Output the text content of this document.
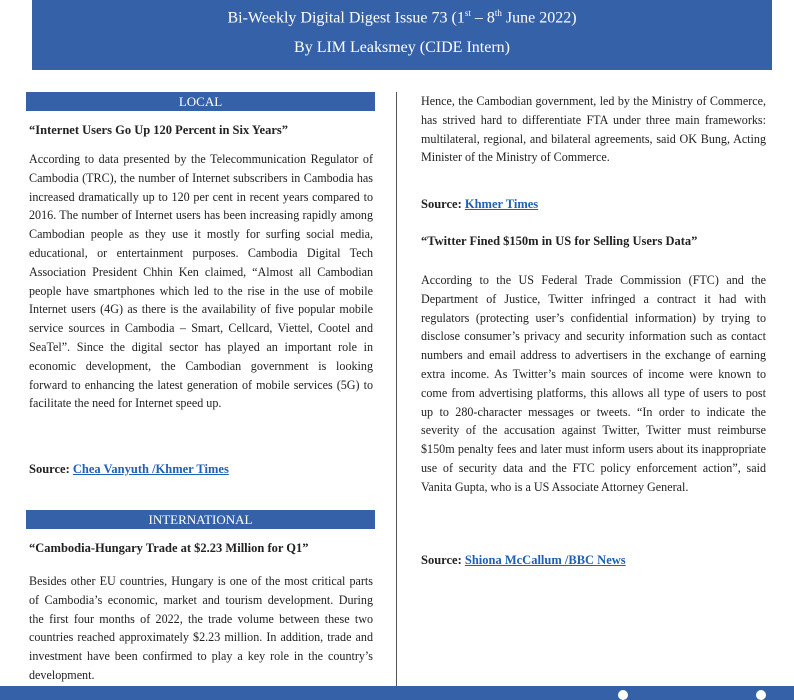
Bi-Weekly Digital Digest Issue 73 (1st – 8th June 2022)
By LIM Leaksmey (CIDE Intern)
LOCAL
“Internet Users Go Up 120 Percent in Six Years”
According to data presented by the Telecommunication Regulator of Cambodia (TRC), the number of Internet subscribers in Cambodia has increased dramatically up to 120 per cent in recent years compared to 2016. The number of Internet users has been increasing rapidly among Cambodian people as they use it mostly for surfing social media, educational, or entertainment purposes. Cambodia Digital Tech Association President Chhin Ken claimed, “Almost all Cambodian people have smartphones which led to the rise in the use of mobile Internet users (4G) as there is the availability of five popular mobile service sources in Cambodia – Smart, Cellcard, Viettel, Cootel and SeaTel”. Since the digital sector has played an important role in economic development, the Cambodian government is looking forward to enhancing the latest generation of mobile services (5G) to facilitate the need for Internet speed up.
Source: Chea Vanyuth /Khmer Times
INTERNATIONAL
“Cambodia-Hungary Trade at $2.23 Million for Q1”
Besides other EU countries, Hungary is one of the most critical parts of Cambodia’s economic, market and tourism development. During the first four months of 2022, the trade volume between these two countries reached approximately $2.23 million. In addition, trade and investment have been confirmed to play a key role in the country’s development.
Hence, the Cambodian government, led by the Ministry of Commerce, has strived hard to differentiate FTA under three main frameworks: multilateral, regional, and bilateral agreements, said OK Bung, Acting Minister of the Ministry of Commerce.
Source: Khmer Times
“Twitter Fined $150m in US for Selling Users Data”
According to the US Federal Trade Commission (FTC) and the Department of Justice, Twitter infringed a contract it had with regulators (protecting user’s confidential information) by trying to disclose consumer’s privacy and security information such as contact numbers and email address to advertisers in the exchange of earning extra income. As Twitter’s main sources of income were known to come from advertising platforms, this allows all type of users to post up to 280-character messages or tweets. “In order to indicate the severity of the accusation against Twitter, Twitter must reimburse $150m penalty fees and later must inform users about its inappropriate use of security data and the FTC policy enforcement action”, said Vanita Gupta, who is a US Associate Attorney General.
Source: Shiona McCallum /BBC News
